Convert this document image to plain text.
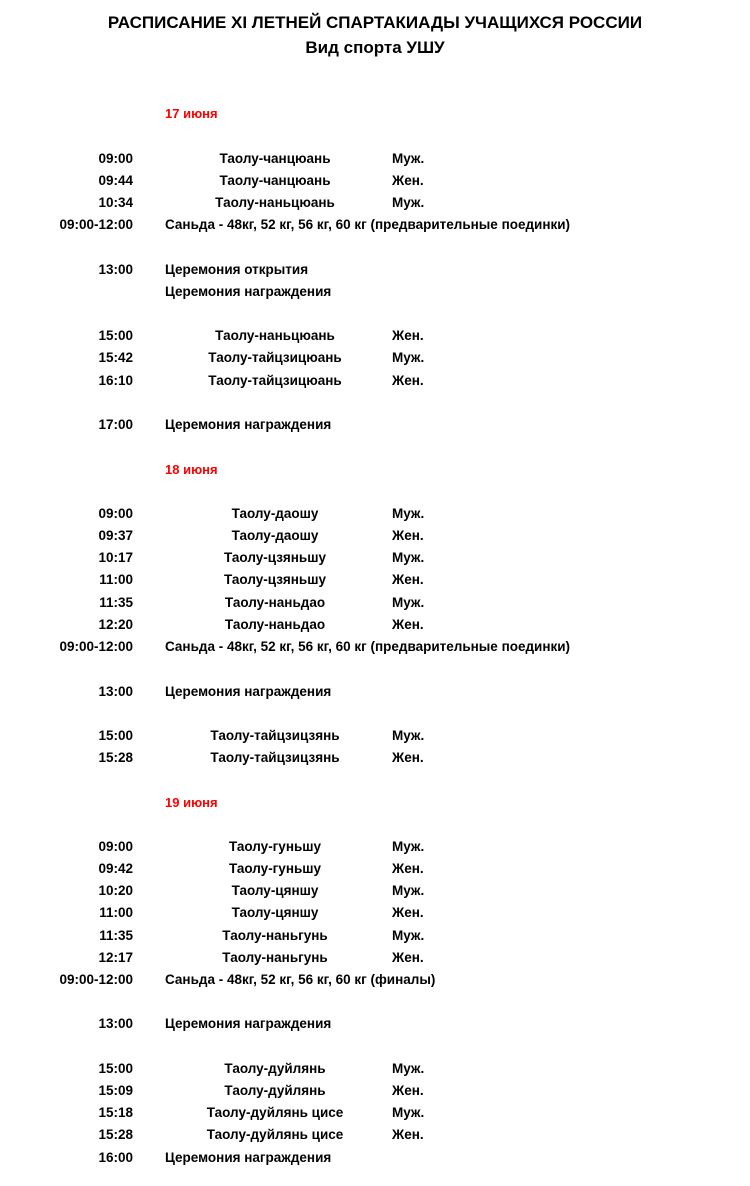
РАСПИСАНИЕ XI ЛЕТНЕЙ СПАРТАКИАДЫ УЧАЩИХСЯ РОССИИ
Вид спорта УШУ
17 июня
09:00	Таолу-чанцюань	Муж.
09:44	Таолу-чанцюань	Жен.
10:34	Таолу-наньцюань	Муж.
09:00-12:00 Саньда - 48кг, 52 кг, 56 кг, 60 кг (предварительные поединки)
13:00 Церемония открытия
Церемония награждения
15:00	Таолу-наньцюань	Жен.
15:42	Таолу-тайцзицюань	Муж.
16:10	Таолу-тайцзицюань	Жен.
17:00 Церемония награждения
18 июня
09:00	Таолу-даошу	Муж.
09:37	Таолу-даошу	Жен.
10:17	Таолу-цзяньшу	Муж.
11:00	Таолу-цзяньшу	Жен.
11:35	Таолу-наньдао	Муж.
12:20	Таолу-наньдао	Жен.
09:00-12:00 Саньда - 48кг, 52 кг, 56 кг, 60 кг (предварительные поединки)
13:00 Церемония награждения
15:00	Таолу-тайцзицзянь	Муж.
15:28	Таолу-тайцзицзянь	Жен.
19 июня
09:00	Таолу-гуньшу	Муж.
09:42	Таолу-гуньшу	Жен.
10:20	Таолу-цяншу	Муж.
11:00	Таолу-цяншу	Жен.
11:35	Таолу-наньгунь	Муж.
12:17	Таолу-наньгунь	Жен.
09:00-12:00 Саньда - 48кг, 52 кг, 56 кг, 60 кг (финалы)
13:00 Церемония награждения
15:00	Таолу-дуйлянь	Муж.
15:09	Таолу-дуйлянь	Жен.
15:18	Таолу-дуйлянь цисе	Муж.
15:28	Таолу-дуйлянь цисе	Жен.
16:00 Церемония награждения
